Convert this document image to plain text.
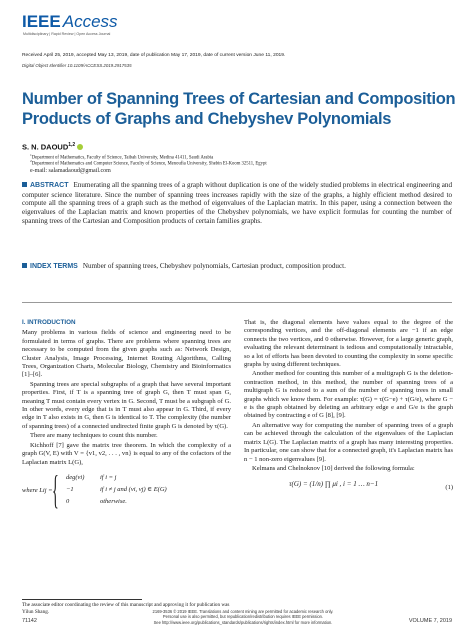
IEEE Access
Multidisciplinary | Rapid Review | Open Access Journal
Received April 25, 2019, accepted May 13, 2019, date of publication May 17, 2019, date of current version June 11, 2019.
Digital Object Identifier 10.1109/ACCESS.2019.2917535
Number of Spanning Trees of Cartesian and Composition Products of Graphs and Chebyshev Polynomials
S. N. DAOUD$^{1,2}$
$^1$Department of Mathematics, Faculty of Science, Taibah University, Medina 41411, Saudi Arabia
$^2$Department of Mathematics and Computer Science, Faculty of Science, Menoufia University, Shebin El-Koom 32511, Egypt
e-mail: salamadaoud@gmail.com
ABSTRACT Enumerating all the spanning trees of a graph without duplication is one of the widely studied problems in electrical engineering and computer science literature. Since the number of spanning trees increases rapidly with the size of the graphs, a highly efficient method desired to compute all the spanning trees of a graph such as the method of eigenvalues of the Laplacian matrix. In this paper, using a connection between the eigenvalues of the Laplacian matrix and known properties of the Chebyshev polynomials, we have explicit formulas for counting the number of spanning trees of the Cartesian and Composition products of certain families graphs.
INDEX TERMS Number of spanning trees, Chebyshev polynomials, Cartesian product, composition product.
I. INTRODUCTION

Many problems in various fields of science and engineering need to be formulated in terms of graphs. There are problems where spanning trees are necessary to be computed from the given graphs such as: Network Design, Cluster Analysis, Image Processing, Internet Routing Algorithms, Calling Trees, Organization Charts, Molecular Biology, Chemistry and Bioinformatics [1]–[6].

Spanning trees are special subgraphs of a graph that have several important properties. First, if T is a spanning tree of graph G, then T must span G, meaning T must contain every vertex in G. Second, T must be a subgraph of G. In other words, every edge that is in T must also appear in G. Third, if every edge in T also exists in G, then G is identical to T. The complexity (the number of spanning trees) of a connected undirected finite graph G is denoted by τ(G).

There are many techniques to count this number.

Kichhoff [7] gave the matrix tree theorem. In which the complexity of a graph G(V, E) with V = {v1, v2, . . . , vn} is equal to any of the cofactors of the Laplacian matrix L(G),

where Lij = { deg(vi) if i = j
−1	if i ≠ j and (vi, vj) ∈ E(G)
0	otherwise.
The associate editor coordinating the review of this manuscript and approving it for publication was Yilun Shang.

That is, the diagonal elements have values equal to the degree of the corresponding vertices, and the off-diagonal elements are −1 if an edge connects the two vertices, and 0 otherwise. However, for a large generic graph, evaluating the relevant determinant is tedious and computationally intractable, so a lot of efforts has been devoted to counting the complexity in some specific graphs by using different techniques.

Another method for counting this number of a multigraph G is the deletion- contraction method, in this method, the number of spanning trees of a multigraph G is reduced to a sum of the number of spanning trees in small graphs which we know them. For example: τ(G) = τ(G−e) + τ(G/e), where G − e is the graph obtained by deleting an arbitrary edge e and G/e is the graph obtained by contracting e of G [8], [9].

An alternative way for computing the number of spanning trees of a graph can be achieved through the calculation of the eigenvalues of the Laplacian matrix L(G). The Laplacian matrix of a graph has many interesting properties. In particular, one can show that for a connected graph, it's Laplacian matrix has n − 1 non-zero eigenvalues [9].

Kelmans and Chelnoknov [10] derived the following formula:

τ(G) = (1/n) ∏ μi , i = 1 … n−1	(1)
71142
2169-3536 © 2019 IEEE. Translations and content mining are permitted for academic research only.
Personal use is also permitted, but republication/redistribution requires IEEE permission.
See http://www.ieee.org/publications_standards/publications/rights/index.html for more information.	VOLUME 7, 2019
